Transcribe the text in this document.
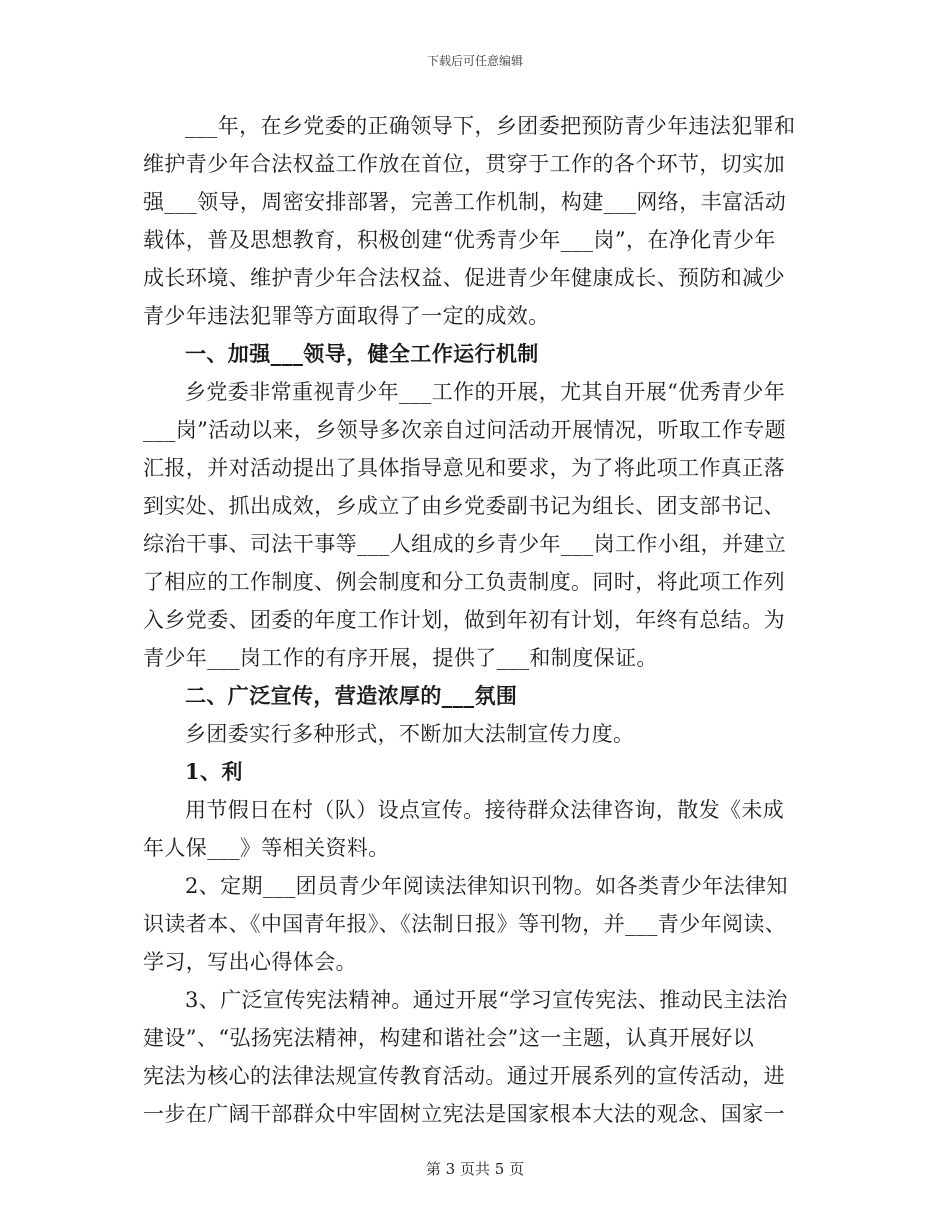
下载后可任意编辑
___年，在乡党委的正确领导下，乡团委把预防青少年违法犯罪和
维护青少年合法权益工作放在首位，贯穿于工作的各个环节，切实加
强___领导，周密安排部署，完善工作机制，构建___网络，丰富活动
载体，普及思想教育，积极创建“优秀青少年___岗”，在净化青少年
成长环境、维护青少年合法权益、促进青少年健康成长、预防和减少
青少年违法犯罪等方面取得了一定的成效。
一、加强___领导，健全工作运行机制
乡党委非常重视青少年___工作的开展，尤其自开展“优秀青少年
___岗”活动以来，乡领导多次亲自过问活动开展情况，听取工作专题
汇报，并对活动提出了具体指导意见和要求，为了将此项工作真正落
到实处、抓出成效，乡成立了由乡党委副书记为组长、团支部书记、
综治干事、司法干事等___人组成的乡青少年___岗工作小组，并建立
了相应的工作制度、例会制度和分工负责制度。同时，将此项工作列
入乡党委、团委的年度工作计划，做到年初有计划，年终有总结。为
青少年___岗工作的有序开展，提供了___和制度保证。
二、广泛宣传，营造浓厚的___氛围
乡团委实行多种形式，不断加大法制宣传力度。
1、利
用节假日在村（队）设点宣传。接待群众法律咨询，散发《未成
年人保___》等相关资料。
2、定期___团员青少年阅读法律知识刊物。如各类青少年法律知
识读者本、《中国青年报》、《法制日报》等刊物，并___青少年阅读、
学习，写出心得体会。
3、广泛宣传宪法精神。通过开展“学习宣传宪法、推动民主法治
建设”、“弘扬宪法精神，构建和谐社会”这一主题，认真开展好以
宪法为核心的法律法规宣传教育活动。通过开展系列的宣传活动，进
一步在广阔干部群众中牢固树立宪法是国家根本大法的观念、国家一
第 3 页共 5 页
